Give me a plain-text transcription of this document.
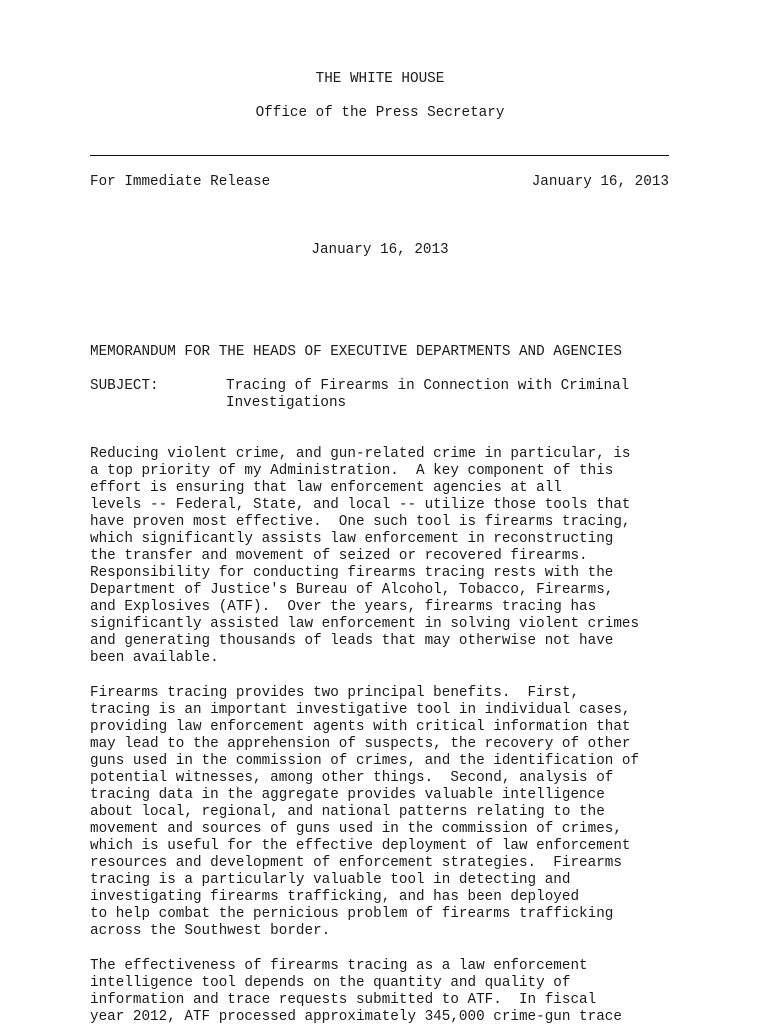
THE WHITE HOUSE
Office of the Press Secretary
For Immediate Release	January 16, 2013
January 16, 2013
MEMORANDUM FOR THE HEADS OF EXECUTIVE DEPARTMENTS AND AGENCIES
SUBJECT:	Tracing of Firearms in Connection with Criminal
Investigations
Reducing violent crime, and gun-related crime in particular, is
a top priority of my Administration.  A key component of this
effort is ensuring that law enforcement agencies at all
levels -- Federal, State, and local -- utilize those tools that
have proven most effective.  One such tool is firearms tracing,
which significantly assists law enforcement in reconstructing
the transfer and movement of seized or recovered firearms.
Responsibility for conducting firearms tracing rests with the
Department of Justice's Bureau of Alcohol, Tobacco, Firearms,
and Explosives (ATF).  Over the years, firearms tracing has
significantly assisted law enforcement in solving violent crimes
and generating thousands of leads that may otherwise not have
been available.
Firearms tracing provides two principal benefits.  First,
tracing is an important investigative tool in individual cases,
providing law enforcement agents with critical information that
may lead to the apprehension of suspects, the recovery of other
guns used in the commission of crimes, and the identification of
potential witnesses, among other things.  Second, analysis of
tracing data in the aggregate provides valuable intelligence
about local, regional, and national patterns relating to the
movement and sources of guns used in the commission of crimes,
which is useful for the effective deployment of law enforcement
resources and development of enforcement strategies.  Firearms
tracing is a particularly valuable tool in detecting and
investigating firearms trafficking, and has been deployed
to help combat the pernicious problem of firearms trafficking
across the Southwest border.
The effectiveness of firearms tracing as a law enforcement
intelligence tool depends on the quantity and quality of
information and trace requests submitted to ATF.  In fiscal
year 2012, ATF processed approximately 345,000 crime-gun trace
